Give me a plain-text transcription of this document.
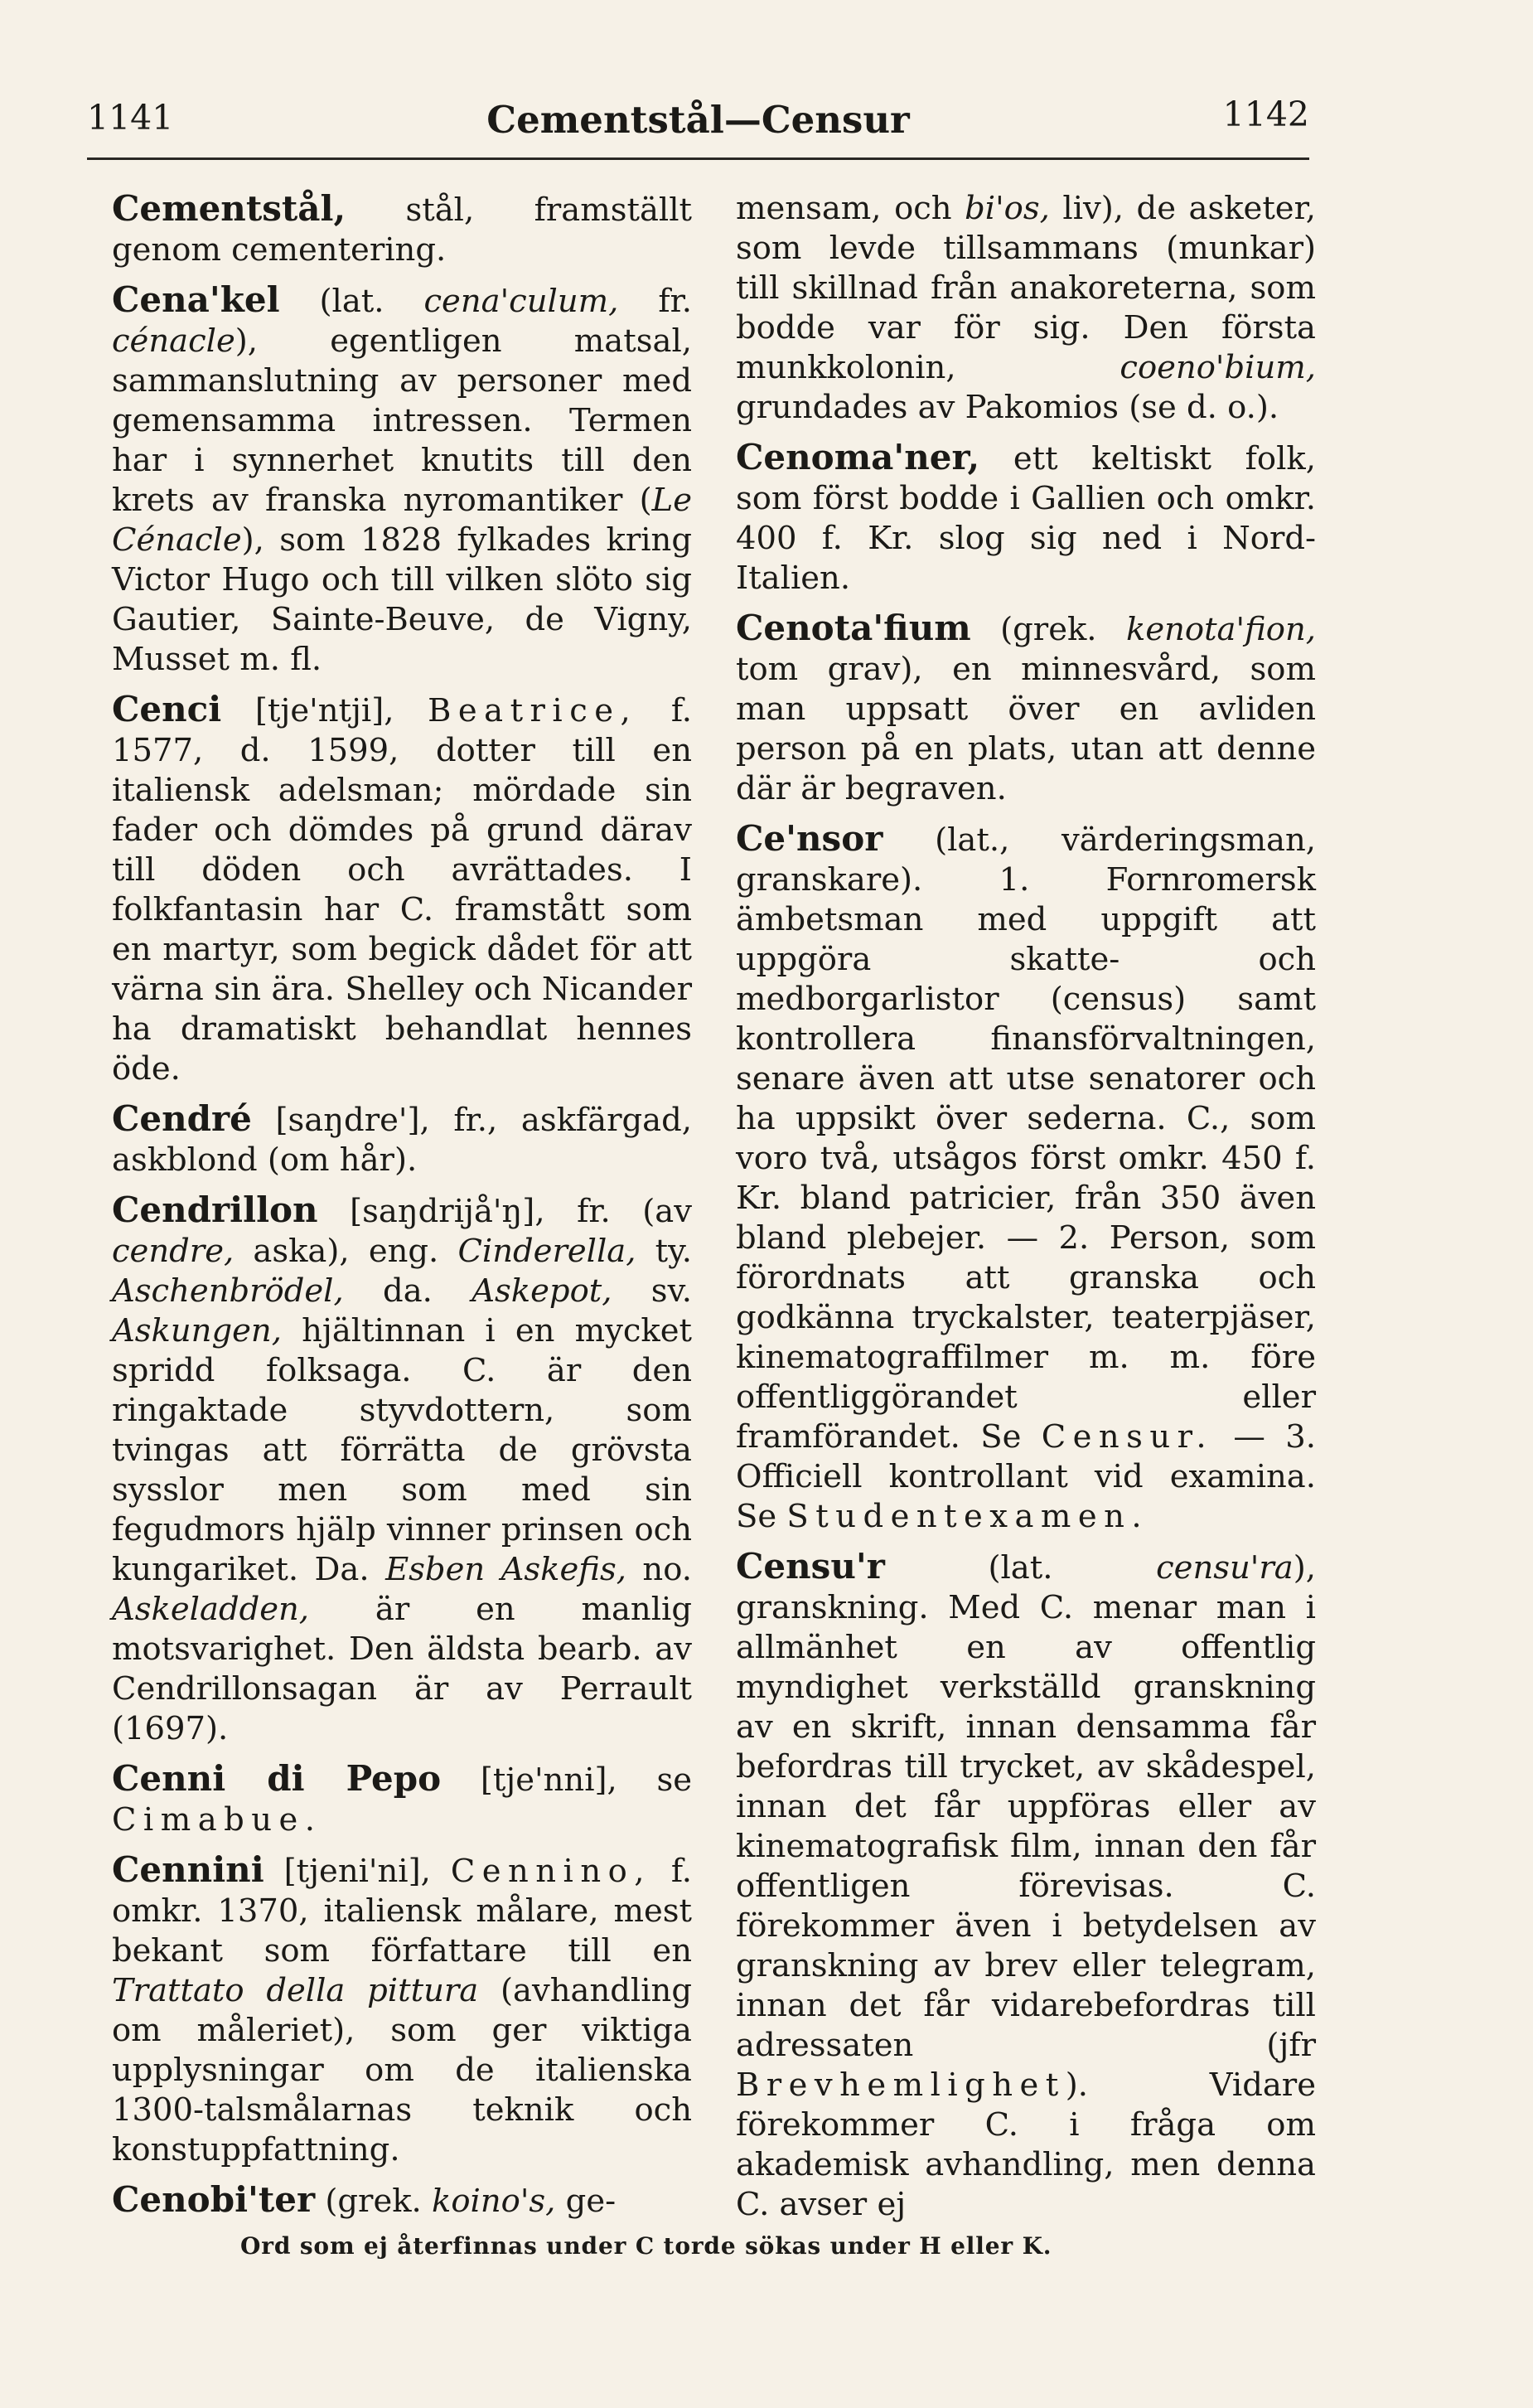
1141	Cementstål—Censur	1142

Cementstål, stål, framställt genom cementering.

Cena'kel (lat. cena'culum, fr. cénacle), egentligen matsal, sammanslutning av personer med gemensamma intressen. Termen har i synnerhet knutits till den krets av franska nyromantiker (Le Cénacle), som 1828 fylkades kring Victor Hugo och till vilken slöto sig Gautier, Sainte-Beuve, de Vigny, Musset m. fl.

Cenci [tje'ntji], Beatrice, f. 1577, d. 1599, dotter till en italiensk adelsman; mördade sin fader och dömdes på grund därav till döden och avrättades. I folkfantasin har C. framstått som en martyr, som begick dådet för att värna sin ära. Shelley och Nicander ha dramatiskt behandlat hennes öde.

Cendré [saŋdre'], fr., askfärgad, askblond (om hår).

Cendrillon [saŋdrijå'ŋ], fr. (av cendre, aska), eng. Cinderella, ty. Aschenbrödel, da. Askepot, sv. Askungen, hjältinnan i en mycket spridd folksaga. C. är den ringaktade styvdottern, som tvingas att förrätta de grövsta sysslor men som med sin fegudmors hjälp vinner prinsen och kungariket. Da. Esben Askefis, no. Askeladden, är en manlig motsvarighet. Den äldsta bearb. av Cendrillonsagan är av Perrault (1697).

Cenni di Pepo [tje'nni], se Cimabue.

Cennini [tjeni'ni], Cennino, f. omkr. 1370, italiensk målare, mest bekant som författare till en Trattato della pittura (avhandling om måleriet), som ger viktiga upplysningar om de italienska 1300-talsmålarnas teknik och konstuppfattning.

Cenobi'ter (grek. koino's, ge-

mensam, och bi'os, liv), de asketer, som levde tillsammans (munkar) till skillnad från anakoreterna, som bodde var för sig. Den första munkkolonin, coeno'bium, grundades av Pakomios (se d. o.).

Cenoma'ner, ett keltiskt folk, som först bodde i Gallien och omkr. 400 f. Kr. slog sig ned i Nord-Italien.

Cenota'fium (grek. kenota'fion, tom grav), en minnesvård, som man uppsatt över en avliden person på en plats, utan att denne där är begraven.

Ce'nsor (lat., värderingsman, granskare). 1. Fornromersk ämbetsman med uppgift att uppgöra skatte- och medborgarlistor (census) samt kontrollera finansförvaltningen, senare även att utse senatorer och ha uppsikt över sederna. C., som voro två, utsågos först omkr. 450 f. Kr. bland patricier, från 350 även bland plebejer. — 2. Person, som förordnats att granska och godkänna tryckalster, teaterpjäser, kinematograffilmer m. m. före offentliggörandet eller framförandet. Se Censur. — 3. Officiell kontrollant vid examina. Se Studentexamen.

Censu'r (lat. censu'ra), granskning. Med C. menar man i allmänhet en av offentlig myndighet verkställd granskning av en skrift, innan densamma får befordras till trycket, av skådespel, innan det får uppföras eller av kinematografisk film, innan den får offentligen förevisas. C. förekommer även i betydelsen av granskning av brev eller telegram, innan det får vidarebefordras till adressaten (jfr Brevhemlighet). Vidare förekommer C. i fråga om akademisk avhandling, men denna C. avser ej

Ord som ej återfinnas under C torde sökas under H eller K.
